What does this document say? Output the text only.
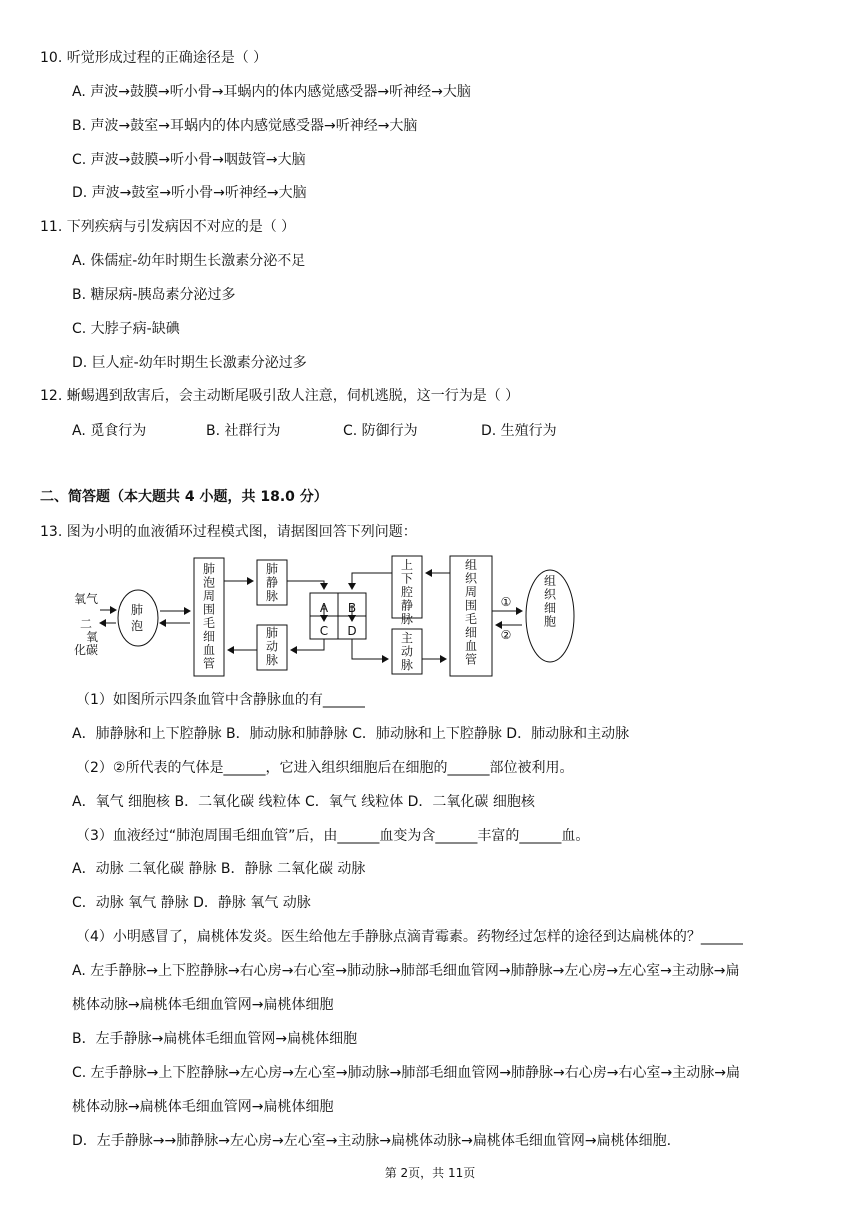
10. 听觉形成过程的正确途径是（ ）
A. 声波→鼓膜→听小骨→耳蜗内的体内感觉感受器→听神经→大脑
B. 声波→鼓室→耳蜗内的体内感觉感受器→听神经→大脑
C. 声波→鼓膜→听小骨→咽鼓管→大脑
D. 声波→鼓室→听小骨→听神经→大脑
11. 下列疾病与引发病因不对应的是（ ）
A. 侏儒症-幼年时期生长激素分泌不足
B. 糖尿病-胰岛素分泌过多
C. 大脖子病-缺碘
D. 巨人症-幼年时期生长激素分泌过多
12. 蜥蜴遇到敌害后，会主动断尾吸引敌人注意，伺机逃脱，这一行为是（ ）
A. 觅食行为	B. 社群行为	C. 防御行为	D. 生殖行为
二、简答题（本大题共 4 小题，共 18.0 分）
13. 图为小明的血液循环过程模式图，请据图回答下列问题：
氧气
二
氧
化碳
肺
泡
肺泡周围毛细血管
肺静脉
肺动脉
上下腔静脉
主动脉
组织周围毛细血管
组织细胞
A B
C D
①
②
（1）如图所示四条血管中含静脉血的有______
A．肺静脉和上下腔静脉 B．肺动脉和肺静脉 C．肺动脉和上下腔静脉 D．肺动脉和主动脉
（2）②所代表的气体是______，它进入组织细胞后在细胞的______部位被利用。
A．氧气 细胞核 B．二氧化碳 线粒体 C．氧气 线粒体 D．二氧化碳 细胞核
（3）血液经过“肺泡周围毛细血管”后，由______血变为含______丰富的______血。
A．动脉 二氧化碳 静脉 B．静脉 二氧化碳 动脉
C．动脉 氧气 静脉 D．静脉 氧气 动脉
（4）小明感冒了，扁桃体发炎。医生给他左手静脉点滴青霉素。药物经过怎样的途径到达扁桃体的？______
A. 左手静脉→上下腔静脉→右心房→右心室→肺动脉→肺部毛细血管网→肺静脉→左心房→左心室→主动脉→扁
桃体动脉→扁桃体毛细血管网→扁桃体细胞
B．左手静脉→扁桃体毛细血管网→扁桃体细胞
C. 左手静脉→上下腔静脉→左心房→左心室→肺动脉→肺部毛细血管网→肺静脉→右心房→右心室→主动脉→扁
桃体动脉→扁桃体毛细血管网→扁桃体细胞
D．左手静脉→→肺静脉→左心房→左心室→主动脉→扁桃体动脉→扁桃体毛细血管网→扁桃体细胞.
第 2页，共 11页
